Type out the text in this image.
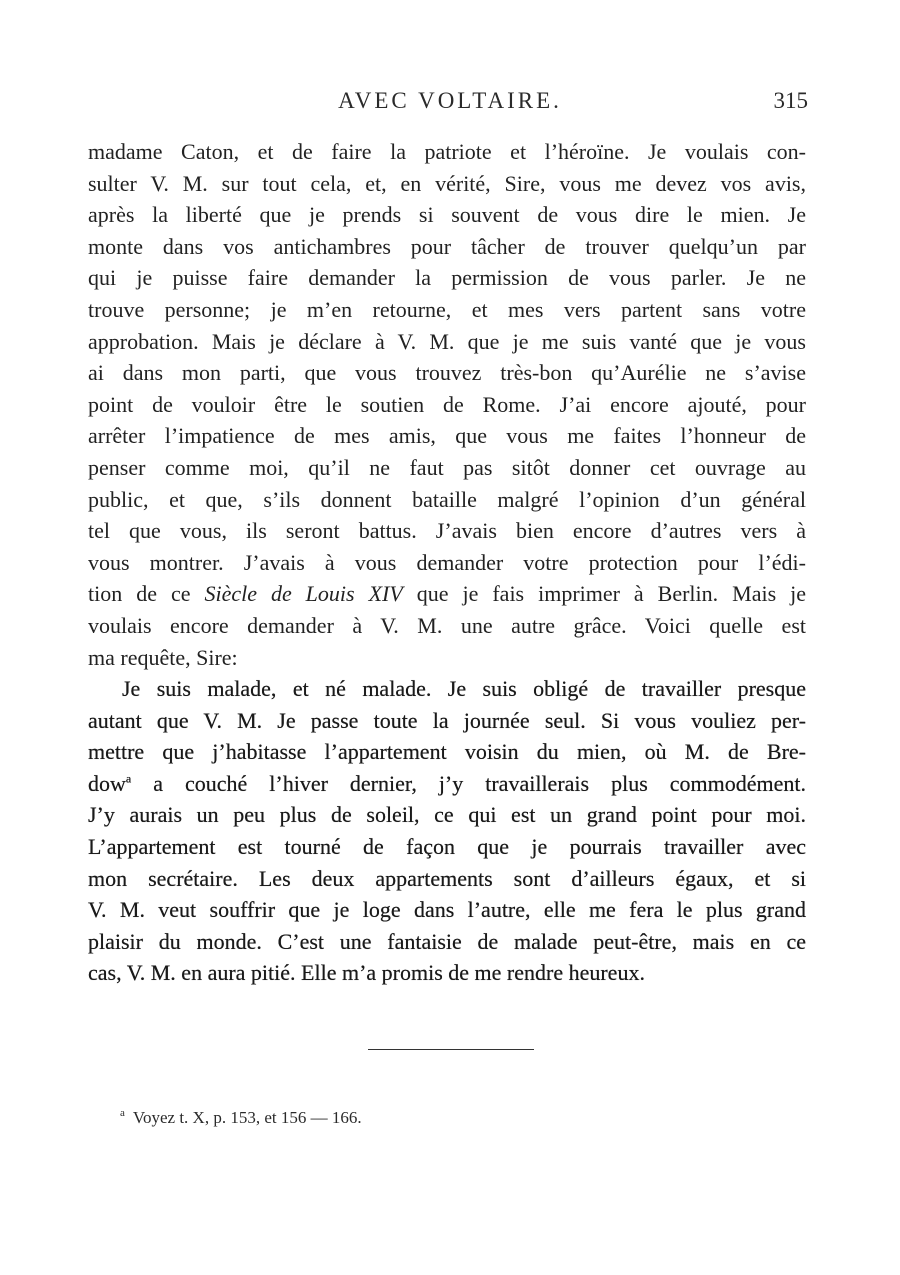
AVEC VOLTAIRE.	315
madame Caton, et de faire la patriote et l’héroïne. Je voulais con-
sulter V. M. sur tout cela, et, en vérité, Sire, vous me devez vos avis,
après la liberté que je prends si souvent de vous dire le mien. Je
monte dans vos antichambres pour tâcher de trouver quelqu’un par
qui je puisse faire demander la permission de vous parler. Je ne
trouve personne; je m’en retourne, et mes vers partent sans votre
approbation. Mais je déclare à V. M. que je me suis vanté que je vous
ai dans mon parti, que vous trouvez très-bon qu’Aurélie ne s’avise
point de vouloir être le soutien de Rome. J’ai encore ajouté, pour
arrêter l’impatience de mes amis, que vous me faites l’honneur de
penser comme moi, qu’il ne faut pas sitôt donner cet ouvrage au
public, et que, s’ils donnent bataille malgré l’opinion d’un général
tel que vous, ils seront battus. J’avais bien encore d’autres vers à
vous montrer. J’avais à vous demander votre protection pour l’édi-
tion de ce Siècle de Louis XIV que je fais imprimer à Berlin. Mais je
voulais encore demander à V. M. une autre grâce. Voici quelle est
ma requête, Sire:
Je suis malade, et né malade. Je suis obligé de travailler presque
autant que V. M. Je passe toute la journée seul. Si vous vouliez per-
mettre que j’habitasse l’appartement voisin du mien, où M. de Bre-
dow$^a$ a couché l’hiver dernier, j’y travaillerais plus commodément.
J’y aurais un peu plus de soleil, ce qui est un grand point pour moi.
L’appartement est tourné de façon que je pourrais travailler avec
mon secrétaire. Les deux appartements sont d’ailleurs égaux, et si
V. M. veut souffrir que je loge dans l’autre, elle me fera le plus grand
plaisir du monde. C’est une fantaisie de malade peut-être, mais en ce
cas, V. M. en aura pitié. Elle m’a promis de me rendre heureux.
$^a$ Voyez t. X, p. 153, et 156 — 166.
